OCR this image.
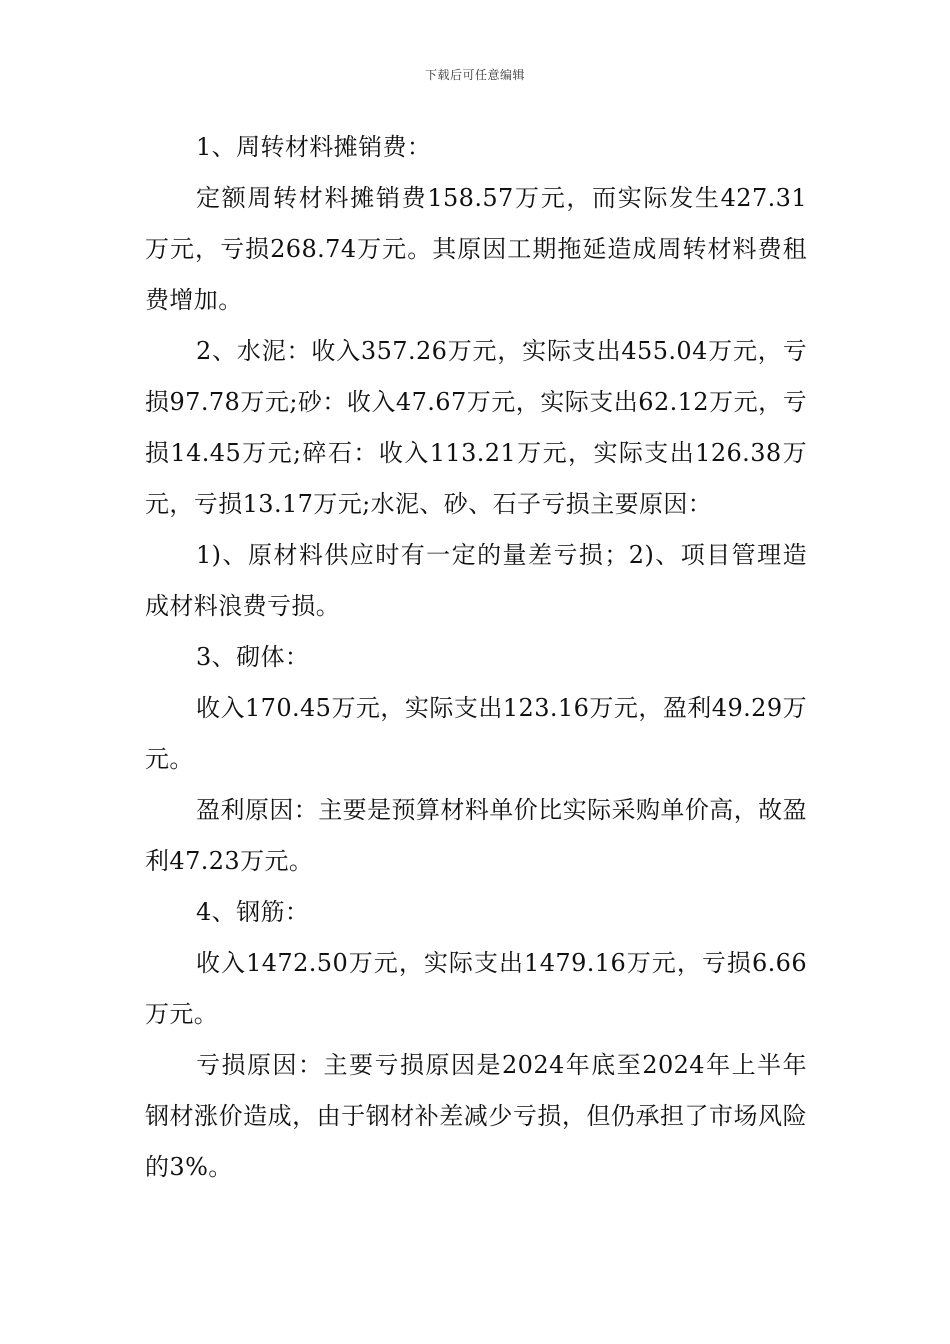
下载后可任意编辑

1、周转材料摊销费：

定额周转材料摊销费158.57万元，而实际发生427.31万元，亏损268.74万元。其原因工期拖延造成周转材料费租费增加。

2、水泥：收入357.26万元，实际支出455.04万元，亏损97.78万元;砂：收入47.67万元，实际支出62.12万元，亏损14.45万元;碎石：收入113.21万元，实际支出126.38万元，亏损13.17万元;水泥、砂、石子亏损主要原因：

1)、原材料供应时有一定的量差亏损；2)、项目管理造成材料浪费亏损。

3、砌体：

收入170.45万元，实际支出123.16万元，盈利49.29万元。

盈利原因：主要是预算材料单价比实际采购单价高，故盈利47.23万元。

4、钢筋：

收入1472.50万元，实际支出1479.16万元，亏损6.66万元。

亏损原因：主要亏损原因是2024年底至2024年上半年钢材涨价造成，由于钢材补差减少亏损，但仍承担了市场风险的3%。
